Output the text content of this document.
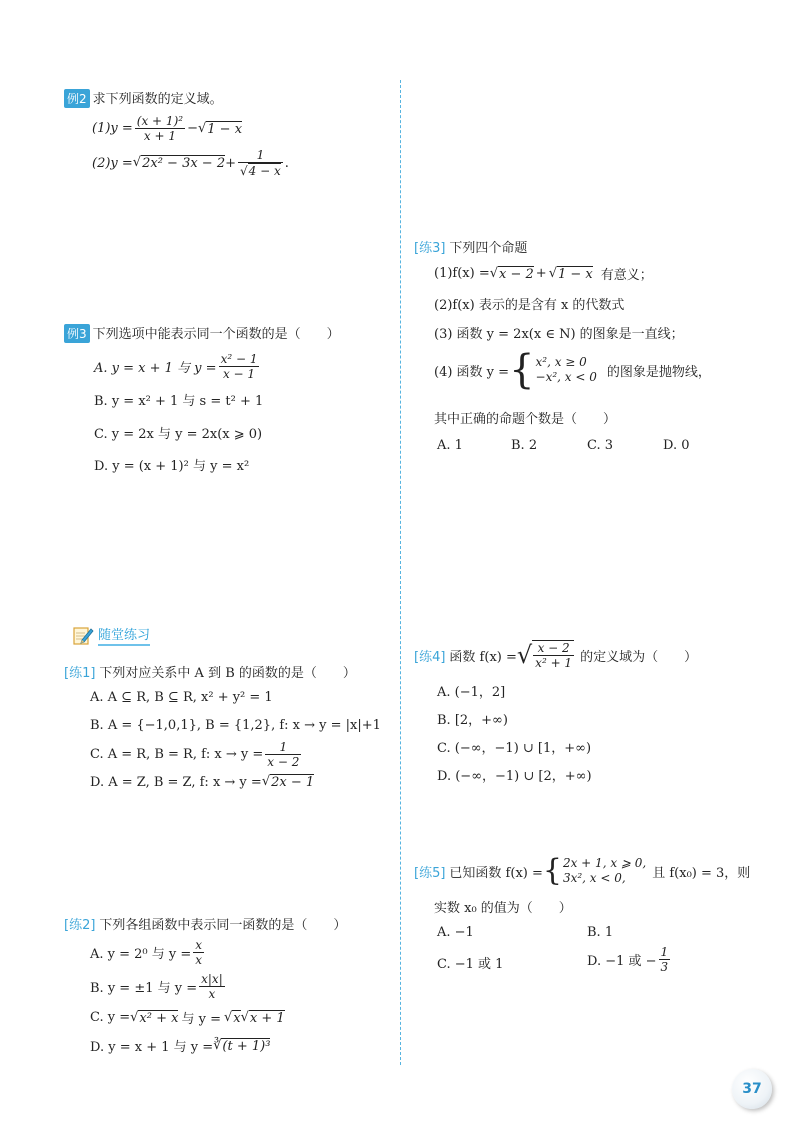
例2 求下列函数的定义域。
$(1)y = \frac{\text{(x + 1)²}}{x + 1}$ − √ 1 − x
(2)y = √ $2x^2 - 3x - 2 + \frac{1}{√4 - x}$ .
例3 下列选项中能表示同一个函数的是（　　）
A. y = x + 1 与 $y = \frac{\text{x² − 1}}{x - 1}$
B. y = x² + 1 与 s = t² + 1
C. y = 2x 与 y = 2x(x ⩾ 0)
D. y = (x + 1)² 与 y = x²
随堂练习
[练1] 下列对应关系中 A 到 B 的函数的是（　　）
A. A ⊆ R, B ⊆ R, x² + y² = 1
B. A = {−1,0,1}, B = {1,2}, f: x → y = |x|+1
C. A = R, B = R, f: $x \to y = \frac{1}{x - 2}$
D. A = Z, B = Z, f: x → y = √ 2x − 1
[练2] 下列各组函数中表示同一函数的是（　　）
A. y = 2⁰ 与 $y = \frac{x}{x}$
B. y = ±1 与 $y = \frac{x|x|}{x}$
C. y = √ x² + x 与 y = √ x √ x + 1
D. y = x + 1 与 y = ∛ (t + 1)³
[练3] 下列四个命题
(1)f(x) = √ x − 2 + √ 1 − x 有意义；
(2)f(x) 表示的是含有 x 的代数式
(3) 函数 y = 2x(x ∈ N) 的图象是一直线；
(4) 函数 y = { x², x ≥ 0
−x², x < 0 的图象是抛物线，
其中正确的命题个数是（　　）
A. 1	B. 2	C. 3	D. 0
[练4] 函数 f(x) = √ $\frac{x - 2}{\text{x² + 1}}$ 的定义域为（　　）
A. (−1，2]
B. [2，+∞)
C. (−∞，−1) ∪ [1，+∞)
D. (−∞，−1) ∪ [2，+∞)
[练5] 已知函数 f(x) = { 2x + 1, x ⩾ 0,
3x², x < 0,	且 f(x₀) = 3，则
实数 x₀ 的值为（　　）
A. −1	B. 1
C. −1 或 1	D. −1 或 − $\frac{1}{3}$
37
